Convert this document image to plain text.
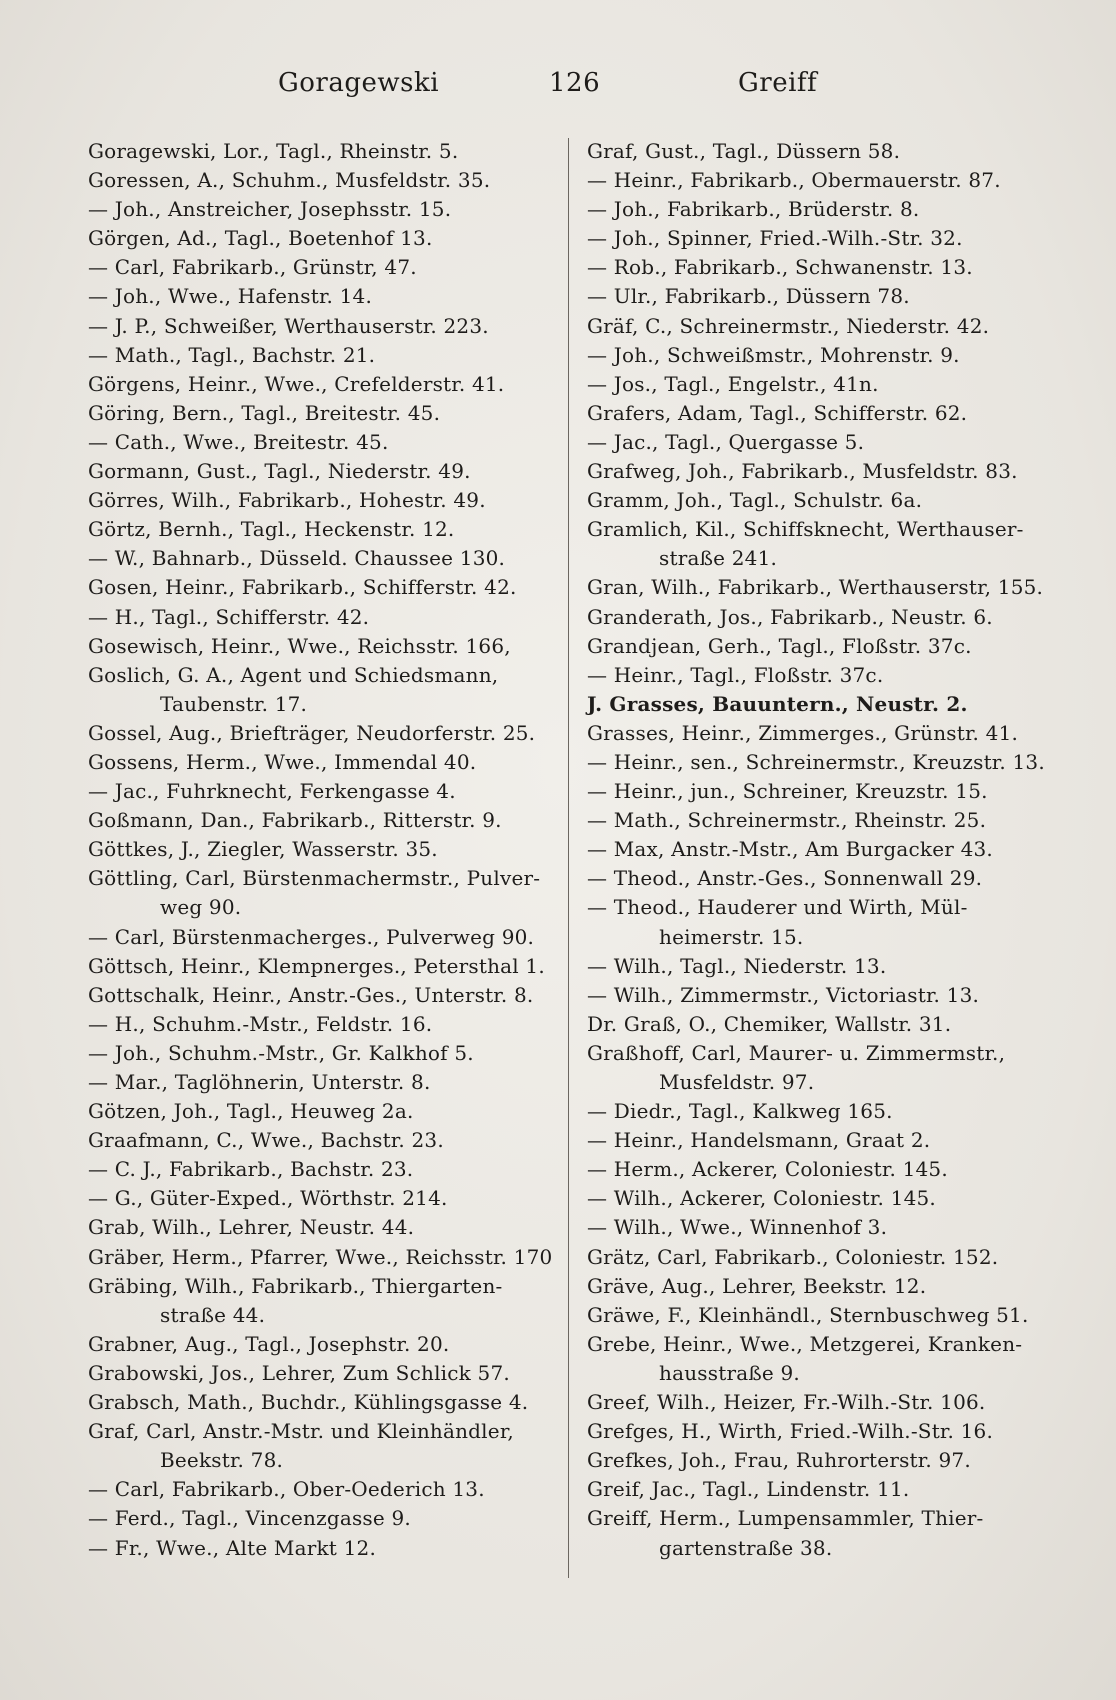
Goragewski	126	Greiff
Goragewski, Lor., Tagl., Rheinstr. 5.
Goressen, A., Schuhm., Musfeldstr. 35.
— Joh., Anstreicher, Josephsstr. 15.
Görgen, Ad., Tagl., Boetenhof 13.
— Carl, Fabrikarb., Grünstr, 47.
— Joh., Wwe., Hafenstr. 14.
— J. P., Schweißer, Werthauserstr. 223.
— Math., Tagl., Bachstr. 21.
Görgens, Heinr., Wwe., Crefelderstr. 41.
Göring, Bern., Tagl., Breitestr. 45.
— Cath., Wwe., Breitestr. 45.
Gormann, Gust., Tagl., Niederstr. 49.
Görres, Wilh., Fabrikarb., Hohestr. 49.
Görtz, Bernh., Tagl., Heckenstr. 12.
— W., Bahnarb., Düsseld. Chaussee 130.
Gosen, Heinr., Fabrikarb., Schifferstr. 42.
— H., Tagl., Schifferstr. 42.
Gosewisch, Heinr., Wwe., Reichsstr. 166,
Goslich, G. A., Agent und Schiedsmann,
Taubenstr. 17.
Gossel, Aug., Briefträger, Neudorferstr. 25.
Gossens, Herm., Wwe., Immendal 40.
— Jac., Fuhrknecht, Ferkengasse 4.
Goßmann, Dan., Fabrikarb., Ritterstr. 9.
Göttkes, J., Ziegler, Wasserstr. 35.
Göttling, Carl, Bürstenmachermstr., Pulver-
weg 90.
— Carl, Bürstenmacherges., Pulverweg 90.
Göttsch, Heinr., Klempnerges., Petersthal 1.
Gottschalk, Heinr., Anstr.-Ges., Unterstr. 8.
— H., Schuhm.-Mstr., Feldstr. 16.
— Joh., Schuhm.-Mstr., Gr. Kalkhof 5.
— Mar., Taglöhnerin, Unterstr. 8.
Götzen, Joh., Tagl., Heuweg 2a.
Graafmann, C., Wwe., Bachstr. 23.
— C. J., Fabrikarb., Bachstr. 23.
— G., Güter-Exped., Wörthstr. 214.
Grab, Wilh., Lehrer, Neustr. 44.
Gräber, Herm., Pfarrer, Wwe., Reichsstr. 170
Gräbing, Wilh., Fabrikarb., Thiergarten-
straße 44.
Grabner, Aug., Tagl., Josephstr. 20.
Grabowski, Jos., Lehrer, Zum Schlick 57.
Grabsch, Math., Buchdr., Kühlingsgasse 4.
Graf, Carl, Anstr.-Mstr. und Kleinhändler,
Beekstr. 78.
— Carl, Fabrikarb., Ober-Oederich 13.
— Ferd., Tagl., Vincenzgasse 9.
— Fr., Wwe., Alte Markt 12.
Graf, Gust., Tagl., Düssern 58.
— Heinr., Fabrikarb., Obermauerstr. 87.
— Joh., Fabrikarb., Brüderstr. 8.
— Joh., Spinner, Fried.-Wilh.-Str. 32.
— Rob., Fabrikarb., Schwanenstr. 13.
— Ulr., Fabrikarb., Düssern 78.
Gräf, C., Schreinermstr., Niederstr. 42.
— Joh., Schweißmstr., Mohrenstr. 9.
— Jos., Tagl., Engelstr., 41n.
Grafers, Adam, Tagl., Schifferstr. 62.
— Jac., Tagl., Quergasse 5.
Grafweg, Joh., Fabrikarb., Musfeldstr. 83.
Gramm, Joh., Tagl., Schulstr. 6a.
Gramlich, Kil., Schiffsknecht, Werthauser-
straße 241.
Gran, Wilh., Fabrikarb., Werthauserstr, 155.
Granderath, Jos., Fabrikarb., Neustr. 6.
Grandjean, Gerh., Tagl., Floßstr. 37c.
— Heinr., Tagl., Floßstr. 37c.
J. Grasses, Bauuntern., Neustr. 2.
Grasses, Heinr., Zimmerges., Grünstr. 41.
— Heinr., sen., Schreinermstr., Kreuzstr. 13.
— Heinr., jun., Schreiner, Kreuzstr. 15.
— Math., Schreinermstr., Rheinstr. 25.
— Max, Anstr.-Mstr., Am Burgacker 43.
— Theod., Anstr.-Ges., Sonnenwall 29.
— Theod., Hauderer und Wirth, Mül-
heimerstr. 15.
— Wilh., Tagl., Niederstr. 13.
— Wilh., Zimmermstr., Victoriastr. 13.
Dr. Graß, O., Chemiker, Wallstr. 31.
Graßhoff, Carl, Maurer- u. Zimmermstr.,
Musfeldstr. 97.
— Diedr., Tagl., Kalkweg 165.
— Heinr., Handelsmann, Graat 2.
— Herm., Ackerer, Coloniestr. 145.
— Wilh., Ackerer, Coloniestr. 145.
— Wilh., Wwe., Winnenhof 3.
Grätz, Carl, Fabrikarb., Coloniestr. 152.
Gräve, Aug., Lehrer, Beekstr. 12.
Gräwe, F., Kleinhändl., Sternbuschweg 51.
Grebe, Heinr., Wwe., Metzgerei, Kranken-
hausstraße 9.
Greef, Wilh., Heizer, Fr.-Wilh.-Str. 106.
Grefges, H., Wirth, Fried.-Wilh.-Str. 16.
Grefkes, Joh., Frau, Ruhrorterstr. 97.
Greif, Jac., Tagl., Lindenstr. 11.
Greiff, Herm., Lumpensammler, Thier-
gartenstraße 38.
